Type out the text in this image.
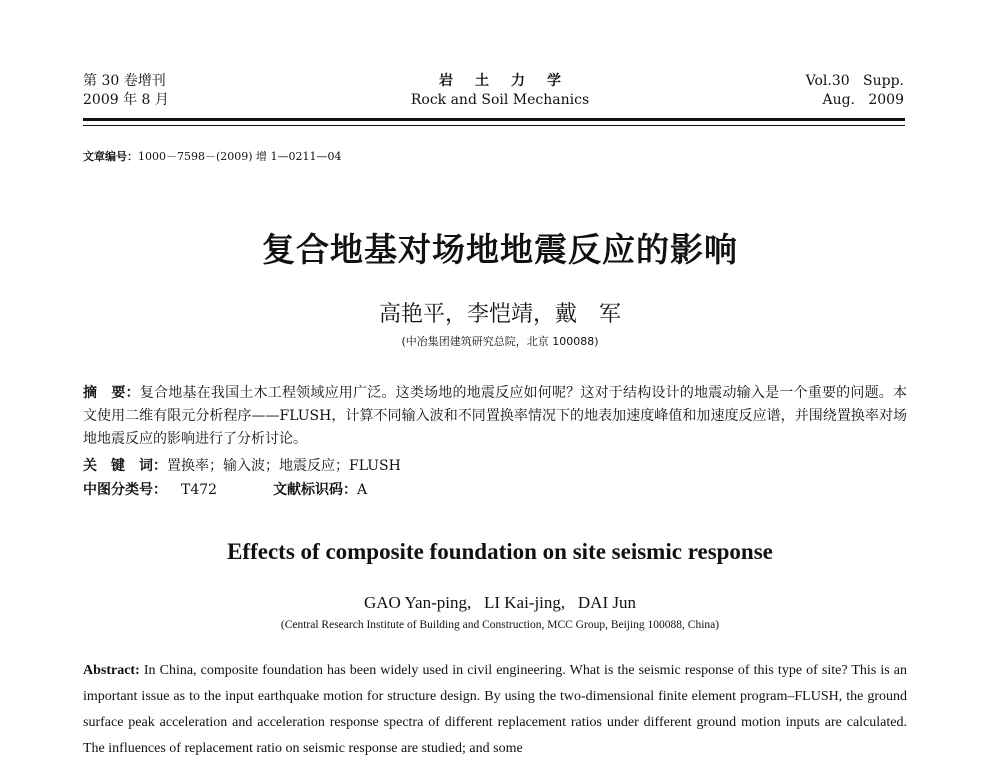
第 30 卷增刊
2009 年 8 月
岩土力学
Rock and Soil Mechanics
Vol.30   Supp.
Aug.   2009
文章编号：1000－7598－(2009) 增 1—0211—04
复合地基对场地地震反应的影响
高艳平，李恺靖，戴　军
(中冶集团建筑研究总院，北京 100088)
摘　要：复合地基在我国土木工程领域应用广泛。这类场地的地震反应如何呢？这对于结构设计的地震动输入是一个重要的问题。本文使用二维有限元分析程序——FLUSH，计算不同输入波和不同置换率情况下的地表加速度峰值和加速度反应谱，并围绕置换率对场地地震反应的影响进行了分析讨论。
关　键　词：置换率；输入波；地震反应；FLUSH
中图分类号： T472	文献标识码：A
Effects of composite foundation on site seismic response
GAO Yan-ping,   LI Kai-jing,   DAI Jun
(Central Research Institute of Building and Construction, MCC Group, Beijing 100088, China)
Abstract: In China, composite foundation has been widely used in civil engineering. What is the seismic response of this type of site? This is an important issue as to the input earthquake motion for structure design. By using the two-dimensional finite element program–FLUSH, the ground surface peak acceleration and acceleration response spectra of different replacement ratios under different ground motion inputs are calculated. The influences of replacement ratio on seismic response are studied; and some
